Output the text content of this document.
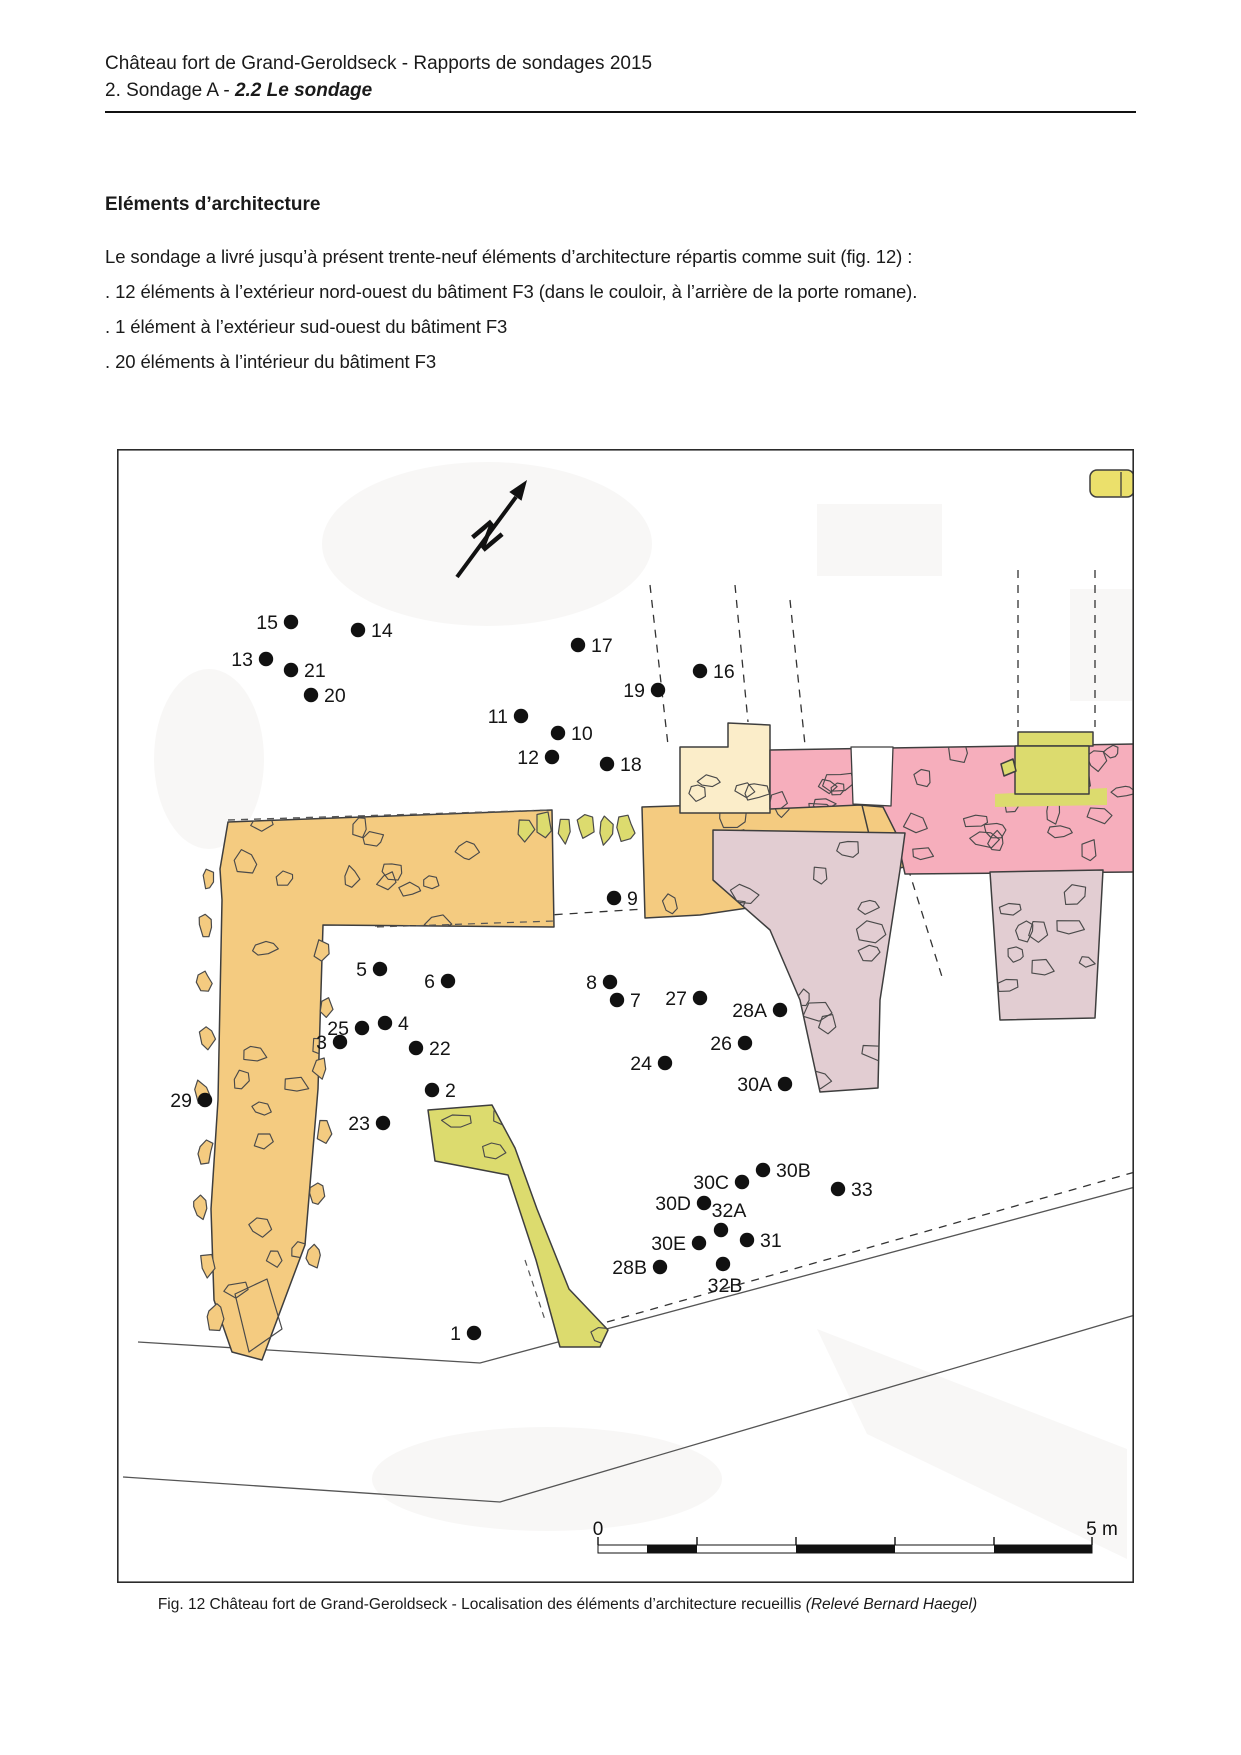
Château fort de Grand-Geroldseck - Rapports de sondages 2015
2. Sondage A - 2.2 Le sondage
Eléments d’architecture

Le sondage a livré jusqu’à présent trente-neuf éléments d’architecture répartis comme suit (fig. 12) :

. 12 éléments à l’extérieur nord-ouest du bâtiment F3 (dans le couloir, à l’arrière de la porte romane).

. 1 élément à l’extérieur sud-ouest du bâtiment F3

. 20 éléments à l’intérieur du bâtiment F3

N
0	5 m
1
2
3
4
5
6
7
8
9
10
11
12
13
14
15
16
17
18
19
20
21
22
23
24
25
26
27
28A
28B
29
30A
30B
30C
30D
30E	31
32A
32B
33
Fig. 12 Château fort de Grand-Geroldseck - Localisation des éléments d’architecture recueillis (Relevé Bernard Haegel)
